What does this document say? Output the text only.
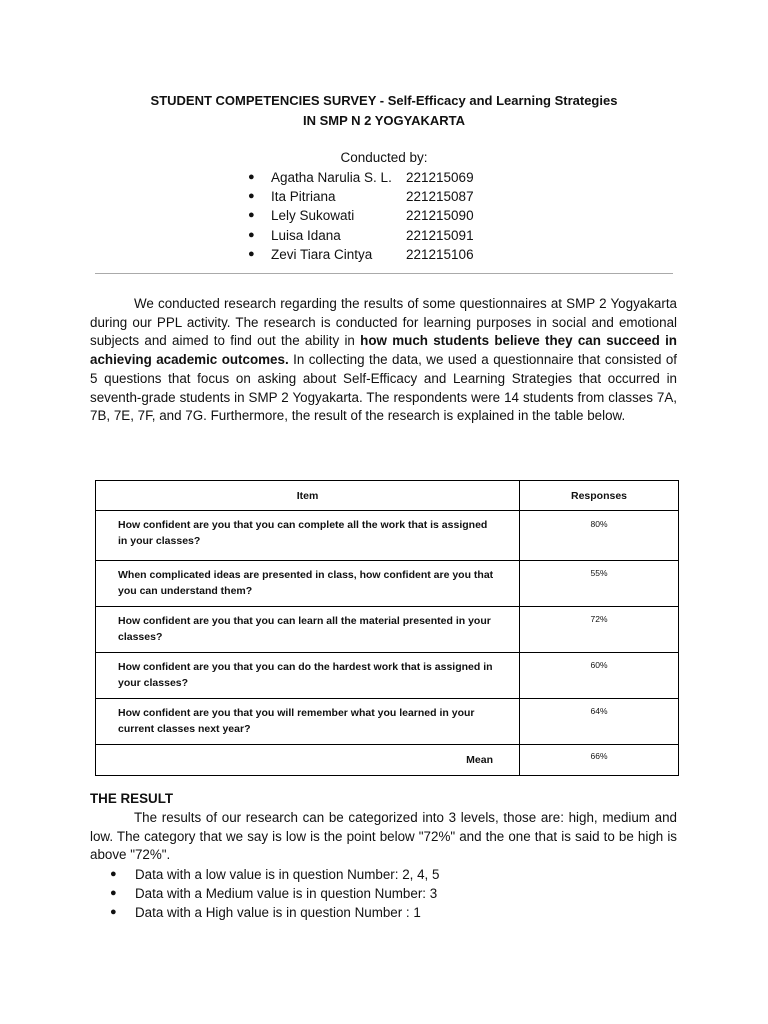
STUDENT COMPETENCIES SURVEY - Self-Efficacy and Learning Strategies
IN SMP N 2 YOGYAKARTA
Conducted by:
● Agatha Narulia S. L. 221215069
● Ita Pitriana	221215087
● Lely Sukowati	221215090
● Luisa Idana	221215091
● Zevi Tiara Cintya 221215106

We conducted research regarding the results of some questionnaires at SMP 2 Yogyakarta during our PPL activity. The research is conducted for learning purposes in social and emotional subjects and aimed to find out the ability in how much students believe they can succeed in achieving academic outcomes. In collecting the data, we used a questionnaire that consisted of 5 questions that focus on asking about Self-Efficacy and Learning Strategies that occurred in seventh-grade students in SMP 2 Yogyakarta. The respondents were 14 students from classes 7A, 7B, 7E, 7F, and 7G. Furthermore, the result of the research is explained in the table below.

Item	Responses
How confident are you that you can complete all the work that is assigned in your classes?	80%
When complicated ideas are presented in class, how confident are you that you can understand them?	55%
How confident are you that you can learn all the material presented in your classes?	72%
How confident are you that you can do the hardest work that is assigned in your classes?	60%
How confident are you that you will remember what you learned in your current classes next year?	64%
Mean	66%
THE RESULT

The results of our research can be categorized into 3 levels, those are: high, medium and low. The category that we say is low is the point below "72%" and the one that is said to be high is above "72%".

● Data with a low value is in question Number: 2, 4, 5
● Data with a Medium value is in question Number: 3
● Data with a High value is in question Number : 1
